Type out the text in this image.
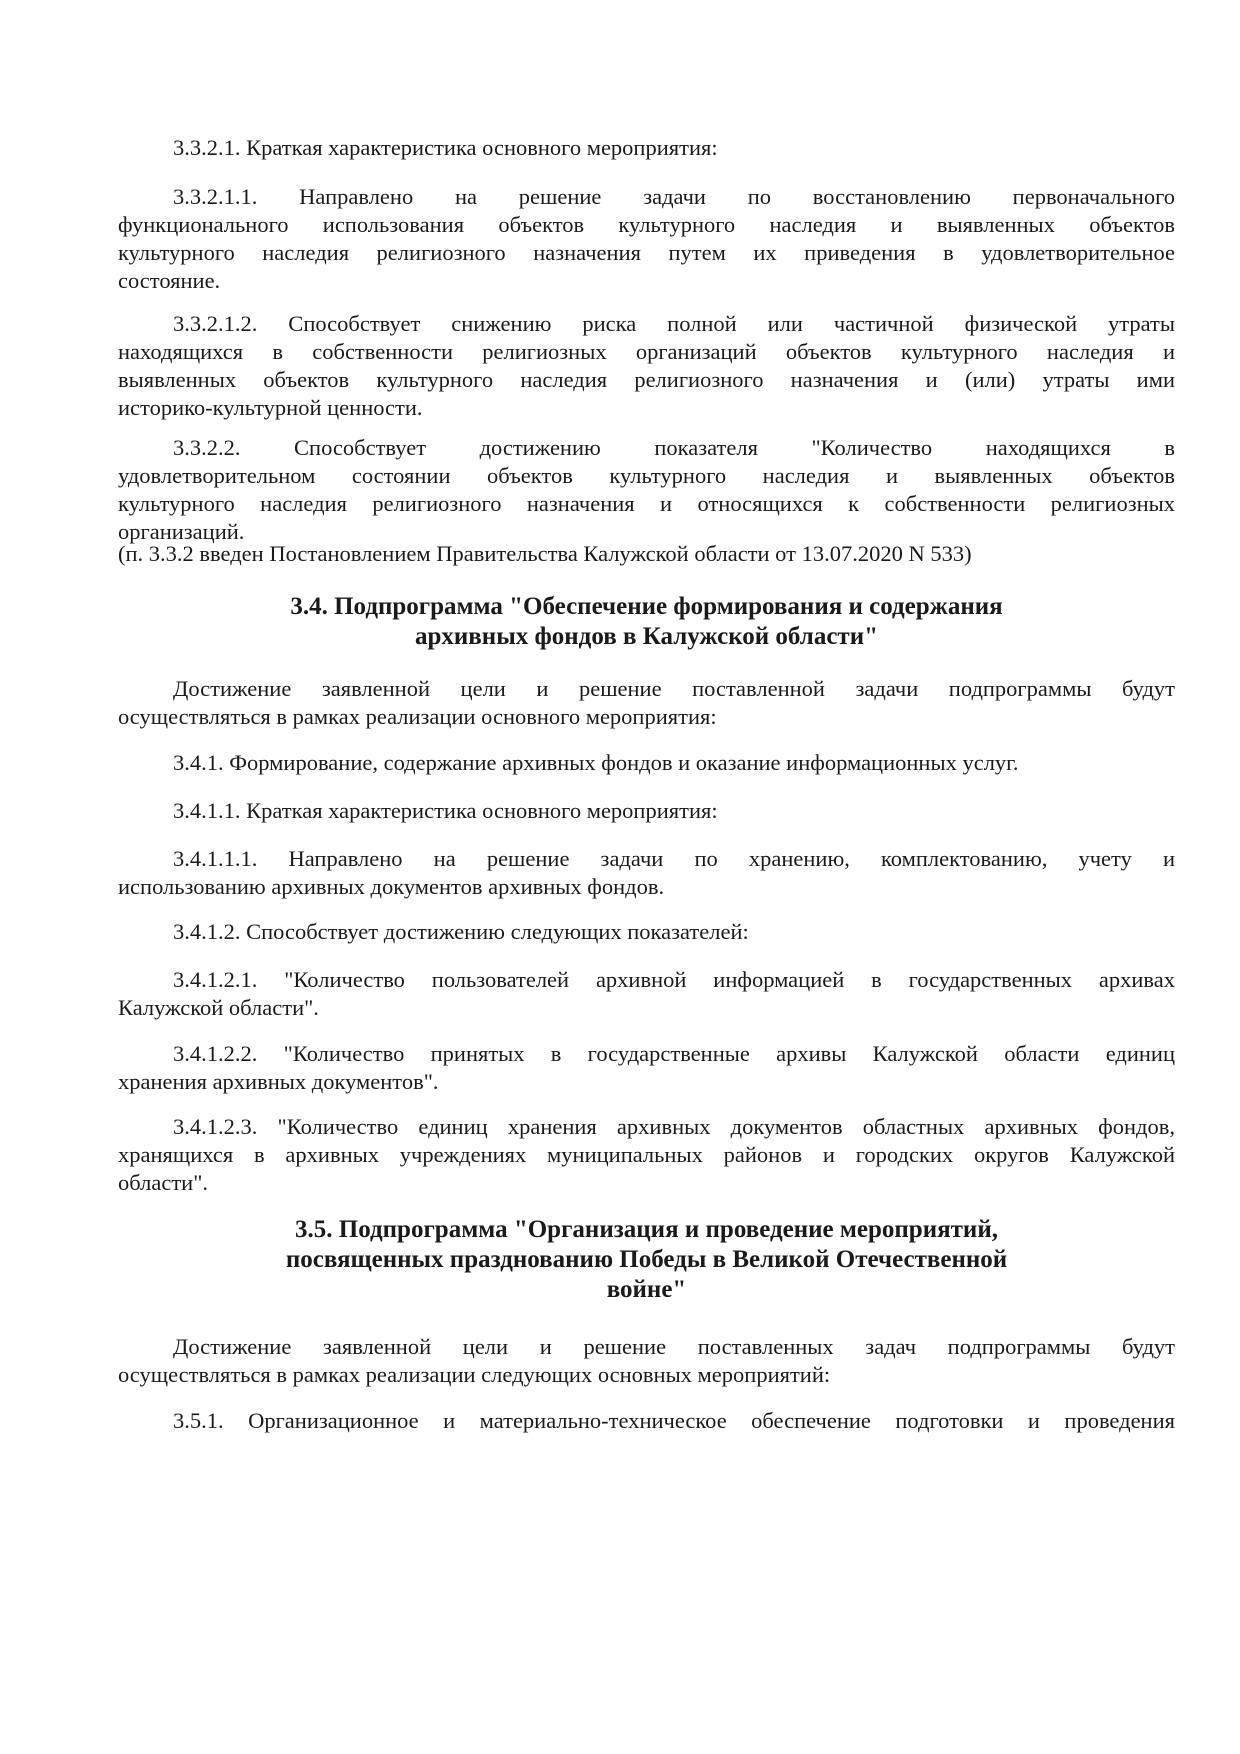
3.3.2.1. Краткая характеристика основного мероприятия:

3.3.2.1.1. Направлено на решение задачи по восстановлению первоначального
функционального использования объектов культурного наследия и выявленных объектов
культурного наследия религиозного назначения путем их приведения в удовлетворительное
состояние.

3.3.2.1.2. Способствует снижению риска полной или частичной физической утраты
находящихся в собственности религиозных организаций объектов культурного наследия и
выявленных объектов культурного наследия религиозного назначения и (или) утраты ими
историко-культурной ценности.

3.3.2.2. Способствует достижению показателя "Количество находящихся в
удовлетворительном состоянии объектов культурного наследия и выявленных объектов
культурного наследия религиозного назначения и относящихся к собственности религиозных
организаций.

(п. 3.3.2 введен Постановлением Правительства Калужской области от 13.07.2020 N 533)

3.4. Подпрограмма "Обеспечение формирования и содержания
архивных фондов в Калужской области"

Достижение заявленной цели и решение поставленной задачи подпрограммы будут
осуществляться в рамках реализации основного мероприятия:

3.4.1. Формирование, содержание архивных фондов и оказание информационных услуг.

3.4.1.1. Краткая характеристика основного мероприятия:

3.4.1.1.1. Направлено на решение задачи по хранению, комплектованию, учету и
использованию архивных документов архивных фондов.

3.4.1.2. Способствует достижению следующих показателей:

3.4.1.2.1. "Количество пользователей архивной информацией в государственных архивах
Калужской области".

3.4.1.2.2. "Количество принятых в государственные архивы Калужской области единиц
хранения архивных документов".

3.4.1.2.3. "Количество единиц хранения архивных документов областных архивных фондов,
хранящихся в архивных учреждениях муниципальных районов и городских округов Калужской
области".

3.5. Подпрограмма "Организация и проведение мероприятий,
посвященных празднованию Победы в Великой Отечественной
войне"

Достижение заявленной цели и решение поставленных задач подпрограммы будут
осуществляться в рамках реализации следующих основных мероприятий:

3.5.1. Организационное и материально-техническое обеспечение подготовки и проведения
